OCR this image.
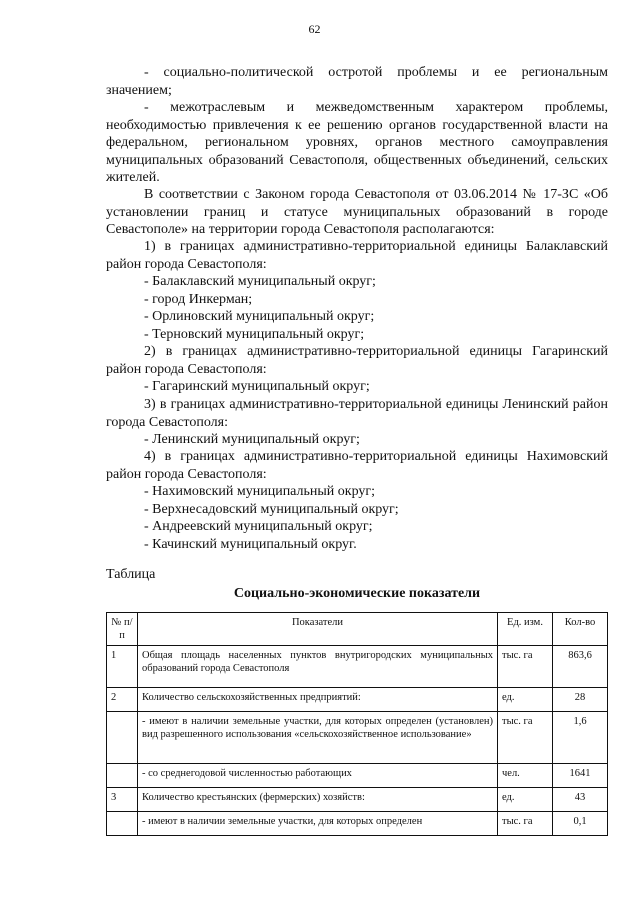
62

- социально-политической остротой проблемы и ее региональным значением;

- межотраслевым и межведомственным характером проблемы, необходимостью привлечения к ее решению органов государственной власти на федеральном, региональном уровнях, органов местного самоуправления муниципальных образований Севастополя, общественных объединений, сельских жителей.

В соответствии с Законом города Севастополя от 03.06.2014 № 17-ЗС «Об установлении границ и статусе муниципальных образований в городе Севастополе» на территории города Севастополя располагаются:

1) в границах административно-территориальной единицы Балаклавский район города Севастополя:

- Балаклавский муниципальный округ;

- город Инкерман;

- Орлиновский муниципальный округ;

- Терновский муниципальный округ;

2) в границах административно-территориальной единицы Гагаринский район города Севастополя:

- Гагаринский муниципальный округ;

3) в границах административно-территориальной единицы Ленинский район города Севастополя:

- Ленинский муниципальный округ;

4) в границах административно-территориальной единицы Нахимовский район города Севастополя:

- Нахимовский муниципальный округ;

- Верхнесадовский муниципальный округ;

- Андреевский муниципальный округ;

- Качинский муниципальный округ.

Таблица
Социально-экономические показатели
№ п/п	Показатели	Ед. изм.	Кол-во
1	Общая площадь населенных пунктов внутригородских муниципальных образований города Севастополя	тыс. га	863,6
2	Количество сельскохозяйственных предприятий:	ед.	28
	- имеют в наличии земельные участки, для которых определен (установлен) вид разрешенного использования «сельскохозяйственное использование»	тыс. га	1,6
	- со среднегодовой численностью работающих	чел.	1641
3	Количество крестьянских (фермерских) хозяйств:	ед.	43
	- имеют в наличии земельные участки, для которых определен	тыс. га	0,1
